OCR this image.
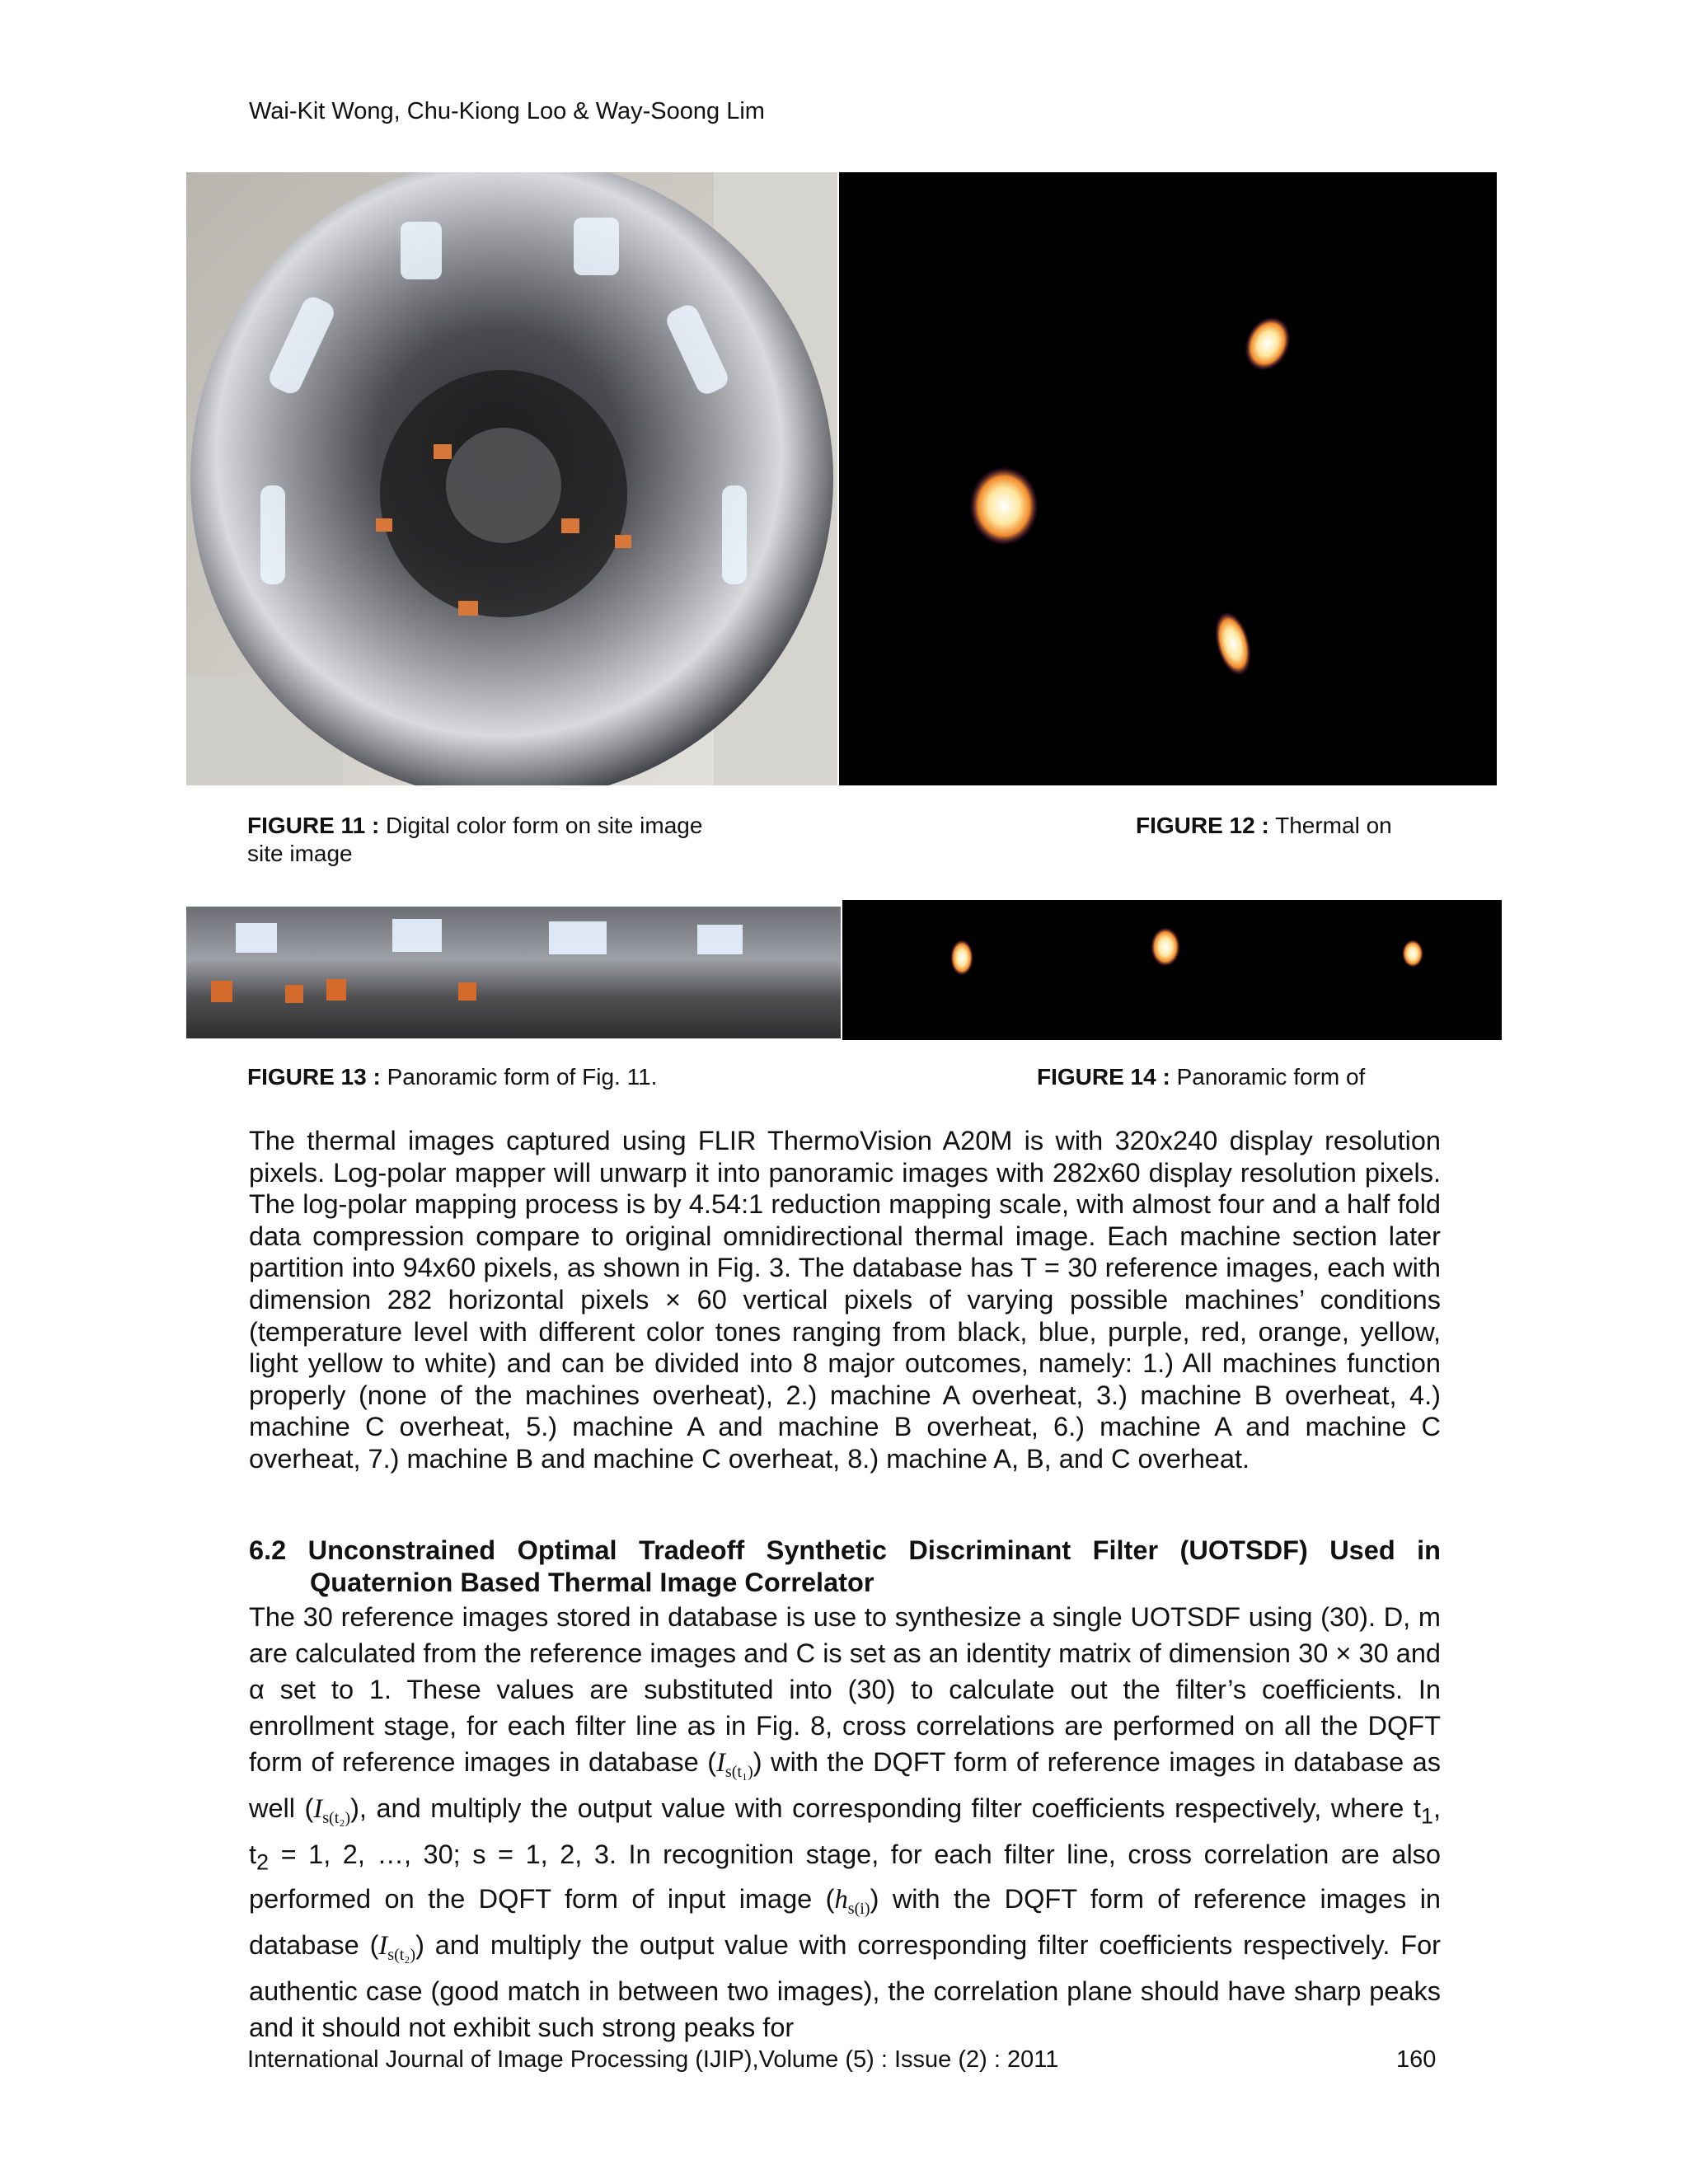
Wai-Kit Wong, Chu-Kiong Loo & Way-Soong Lim
FIGURE 11 : Digital color form on site image
site image
FIGURE 12 : Thermal on
FIGURE 13 : Panoramic form of Fig. 11.	FIGURE 14 : Panoramic form of

The thermal images captured using FLIR ThermoVision A20M is with 320x240 display resolution pixels. Log-polar mapper will unwarp it into panoramic images with 282x60 display resolution pixels. The log-polar mapping process is by 4.54:1 reduction mapping scale, with almost four and a half fold data compression compare to original omnidirectional thermal image. Each machine section later partition into 94x60 pixels, as shown in Fig. 3. The database has T = 30 reference images, each with dimension 282 horizontal pixels × 60 vertical pixels of varying possible machines’ conditions (temperature level with different color tones ranging from black, blue, purple, red, orange, yellow, light yellow to white) and can be divided into 8 major outcomes, namely: 1.) All machines function properly (none of the machines overheat), 2.) machine A overheat, 3.) machine B overheat, 4.) machine C overheat, 5.) machine A and machine B overheat, 6.) machine A and machine C overheat, 7.) machine B and machine C overheat, 8.) machine A, B, and C overheat.

6.2 Unconstrained Optimal Tradeoff Synthetic Discriminant Filter (UOTSDF) Used in
Quaternion Based Thermal Image Correlator

The 30 reference images stored in database is use to synthesize a single UOTSDF using (30). D, m are calculated from the reference images and C is set as an identity matrix of dimension 30 × 30 and α set to 1. These values are substituted into (30) to calculate out the filter’s coefficients. In enrollment stage, for each filter line as in Fig. 8, cross correlations are performed on all the DQFT form of reference images in database $(I_{s(t_1)})$ with the DQFT form of reference images in database as well $(I_{s(t_2)})$, and multiply the output value with corresponding filter coefficients respectively, where $t_1$, $t_2 = 1$, 2, …, 30; s = 1, 2, 3. In recognition stage, for each filter line, cross correlation are also performed on the DQFT form of input image $(h_{s(i)})$ with the DQFT form of reference images in database $(I_{s(t_2)})$ and multiply the output value with corresponding filter coefficients respectively. For authentic case (good match in between two images), the correlation plane should have sharp peaks and it should not exhibit such strong peaks for

International Journal of Image Processing (IJIP),Volume (5) : Issue (2) : 2011	160
